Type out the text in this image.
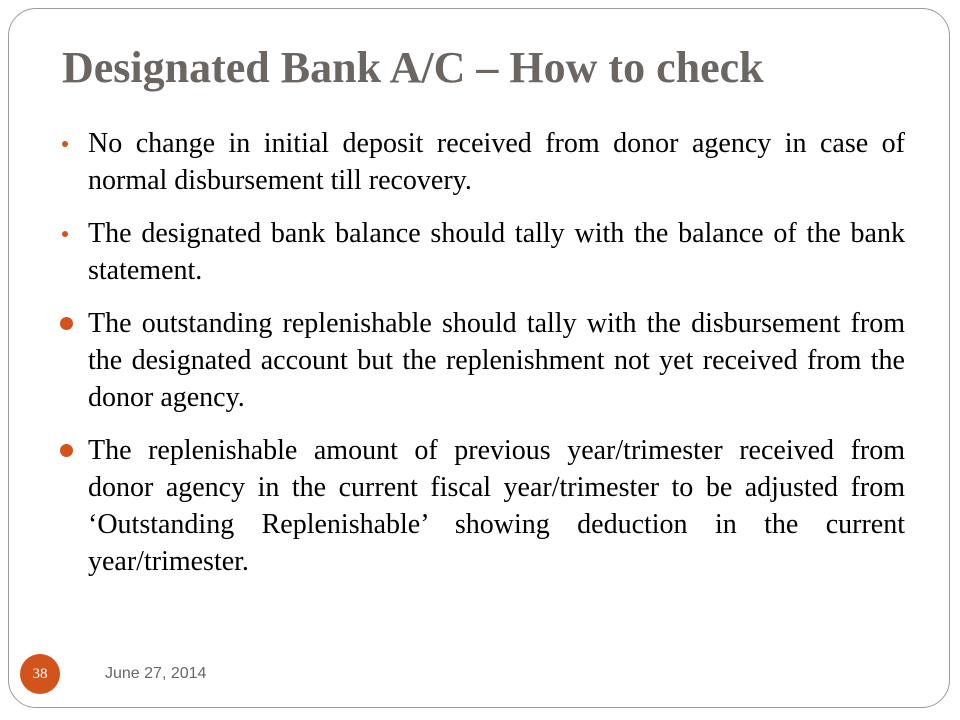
Designated Bank A/C – How to check
No change in initial deposit received from donor agency in case of normal disbursement till recovery.
The designated bank balance should tally with the balance of the bank statement.
The outstanding replenishable should tally with the disbursement from the designated account but the replenishment not yet received from the donor agency.
The replenishable amount of previous year/trimester received from donor agency in the current fiscal year/trimester to be adjusted from ‘Outstanding Replenishable’ showing deduction in the current year/trimester.
38	June 27, 2014
